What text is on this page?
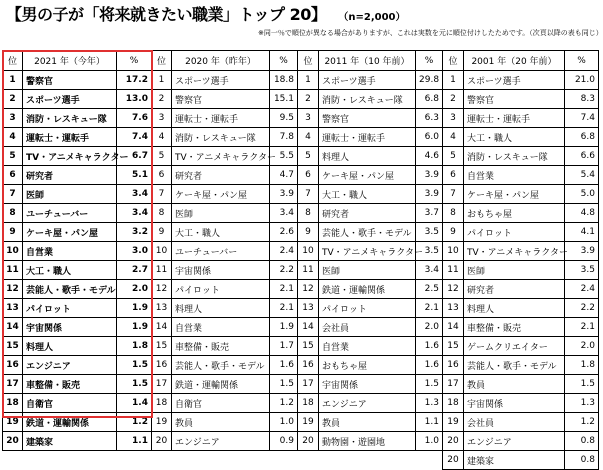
【男の子が「将来就きたい職業」トップ 20】 （n=2,000）
※同一％で順位が異なる場合がありますが、これは実数を元に順位付けしたためです。（次頁以降の表も同じ）
位	2021 年（今年）	%	位	2020 年（昨年）	%	位	2011 年（10 年前）	%	位	2001 年（20 年前）	%
1	警察官	17.2	1	スポーツ選手	18.8	1	スポーツ選手	29.8	1	スポーツ選手	21.0
2	スポーツ選手	13.0	2	警察官	15.1	2	消防・レスキュー隊	6.8	2	警察官	8.3
3	消防・レスキュー隊	7.6	3	運転士・運転手	9.5	3	警察官	6.3	3	運転士・運転手	7.4
4	運転士・運転手	7.4	4	消防・レスキュー隊	7.8	4	運転士・運転手	6.0	4	大工・職人	6.8
5	TV・アニメキャラクター	6.7	5	TV・アニメキャラクター	5.5	5	料理人	4.6	5	消防・レスキュー隊	6.6
6	研究者	5.1	6	研究者	4.7	6	ケーキ屋・パン屋	3.9	6	自営業	5.4
7	医師	3.4	7	ケーキ屋・パン屋	3.9	7	大工・職人	3.9	7	ケーキ屋・パン屋	5.0
8	ユーチューバー	3.4	8	医師	3.4	8	研究者	3.7	8	おもちゃ屋	4.8
9	ケーキ屋・パン屋	3.2	9	大工・職人	2.6	9	芸能人・歌手・モデル	3.5	9	パイロット	4.1
10	自営業	3.0	10	ユーチューバー	2.4	10	TV・アニメキャラクター	3.5	10	TV・アニメキャラクター	3.9
11	大工・職人	2.7	11	宇宙関係	2.2	11	医師	3.4	11	医師	3.5
12	芸能人・歌手・モデル	2.0	12	パイロット	2.1	12	鉄道・運輸関係	2.5	12	研究者	2.4
13	パイロット	1.9	13	料理人	2.1	13	パイロット	2.1	13	料理人	2.2
14	宇宙関係	1.9	14	自営業	1.9	14	会社員	2.0	14	車整備・販売	2.1
15	料理人	1.8	15	車整備・販売	1.7	15	自営業	1.6	15	ゲームクリエイター	2.0
16	エンジニア	1.5	16	芸能人・歌手・モデル	1.6	16	おもちゃ屋	1.6	16	芸能人・歌手・モデル	1.8
17	車整備・販売	1.5	17	鉄道・運輸関係	1.5	17	宇宙関係	1.5	17	教員	1.5
18	自衛官	1.4	18	自衛官	1.2	18	エンジニア	1.3	18	宇宙関係	1.3
19	鉄道・運輸関係	1.2	19	教員	1.0	19	教員	1.1	19	会社員	1.2
20	建築家	1.1	20	エンジニア	0.9	20	動物園・遊園地	1.0	20	エンジニア	0.8
									20	建築家	0.8
